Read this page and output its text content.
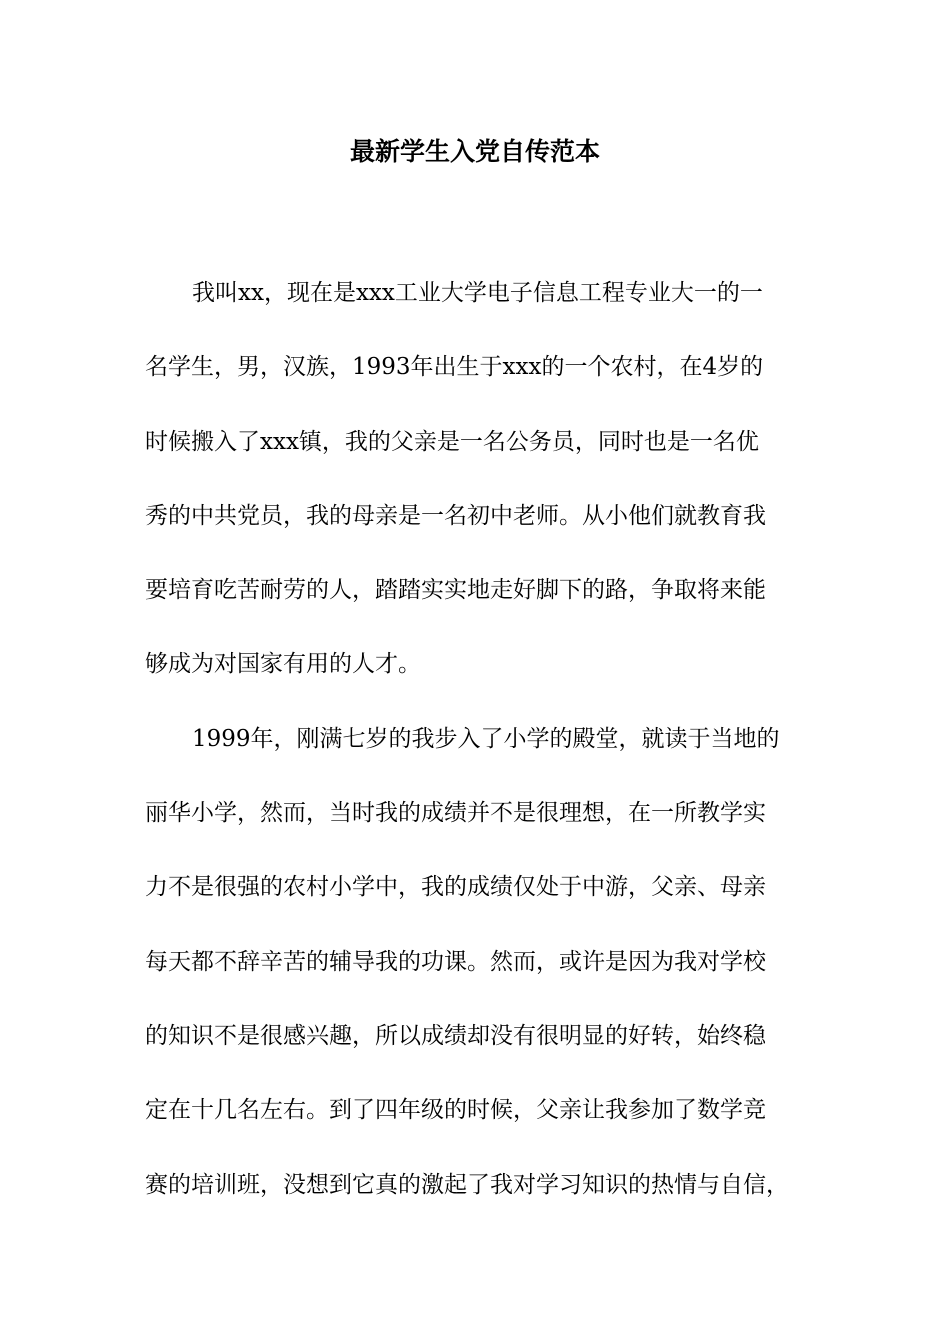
最新学生入党自传范本
我叫xx，现在是xxx工业大学电子信息工程专业大一的一
名学生，男，汉族，1993年出生于xxx的一个农村，在4岁的
时候搬入了xxx镇，我的父亲是一名公务员，同时也是一名优
秀的中共党员，我的母亲是一名初中老师。从小他们就教育我
要培育吃苦耐劳的人，踏踏实实地走好脚下的路，争取将来能
够成为对国家有用的人才。
1999年，刚满七岁的我步入了小学的殿堂，就读于当地的
丽华小学，然而，当时我的成绩并不是很理想，在一所教学实
力不是很强的农村小学中，我的成绩仅处于中游，父亲、母亲
每天都不辞辛苦的辅导我的功课。然而，或许是因为我对学校
的知识不是很感兴趣，所以成绩却没有很明显的好转，始终稳
定在十几名左右。到了四年级的时候，父亲让我参加了数学竞
赛的培训班，没想到它真的激起了我对学习知识的热情与自信，
